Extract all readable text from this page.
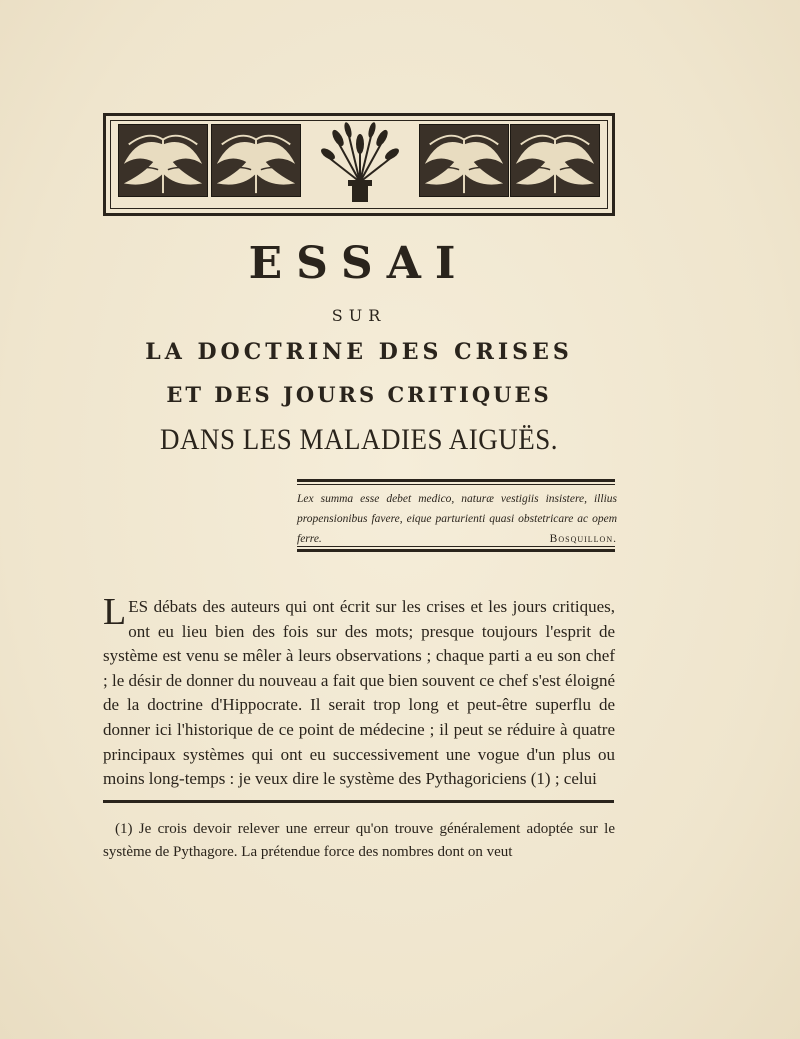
ESSAI
SUR
LA DOCTRINE DES CRISES
ET DES JOURS CRITIQUES
DANS LES MALADIES AIGUËS.
Lex summa esse debet medico, naturæ vestigiis insistere, illius propensionibus favere, eique parturienti quasi obstetricare ac opem ferre.	Bosquillon.

LES débats des auteurs qui ont écrit sur les crises et les jours critiques, ont eu lieu bien des fois sur des mots; presque toujours l'esprit de système est venu se mêler à leurs observations ; chaque parti a eu son chef ; le désir de donner du nouveau a fait que bien souvent ce chef s'est éloigné de la doctrine d'Hippocrate. Il serait trop long et peut-être superflu de donner ici l'historique de ce point de médecine ; il peut se réduire à quatre principaux systèmes qui ont eu successivement une vogue d'un plus ou moins long-temps : je veux dire le système des Pythagoriciens (1) ; celui

(1) Je crois devoir relever une erreur qu'on trouve généralement adoptée sur le système de Pythagore. La prétendue force des nombres dont on veut
